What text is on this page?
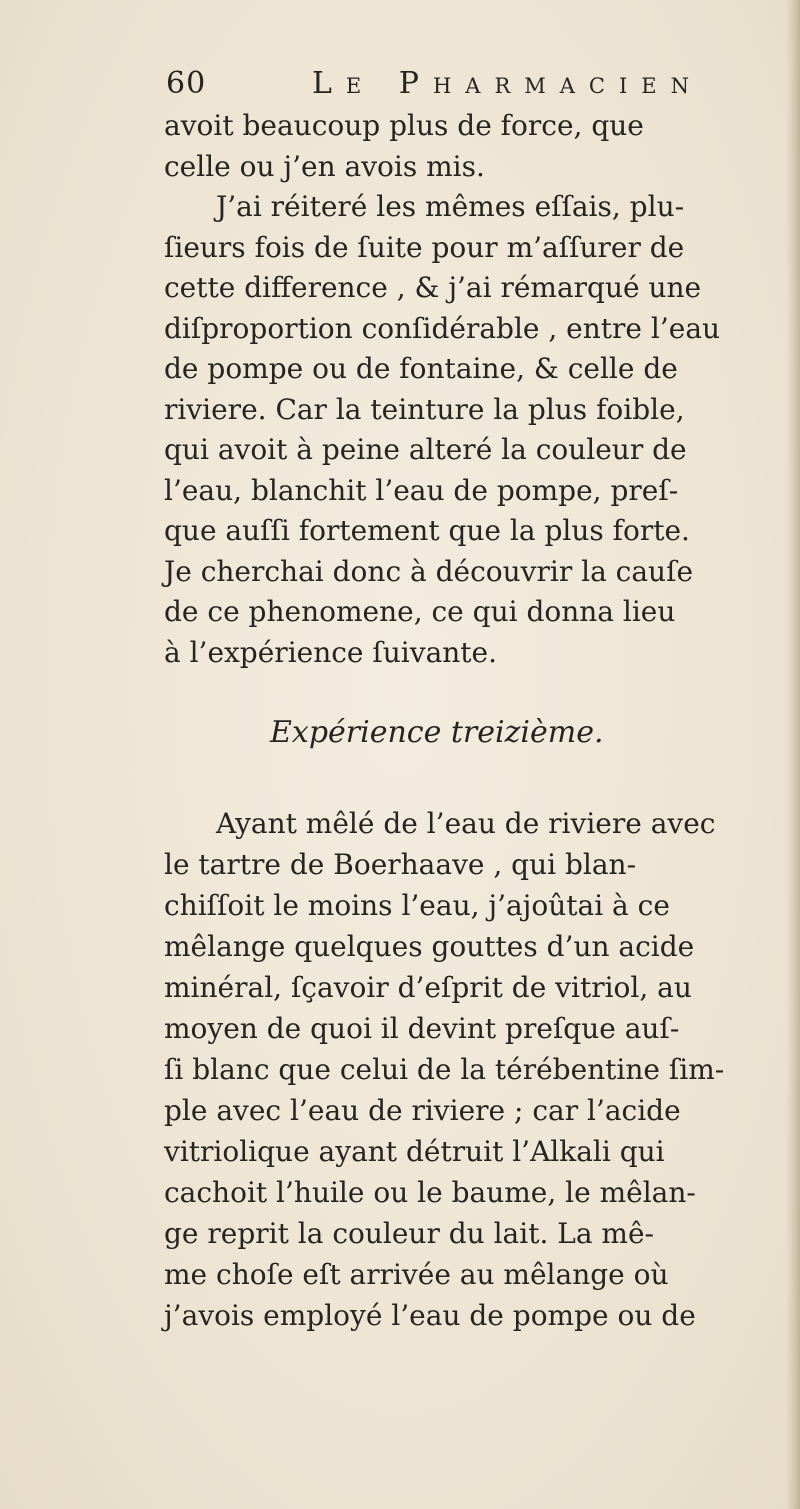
60	Le Pharmacien

avoit beaucoup plus de force, que
celle ou j’en avois mis.
J’ai réiteré les mêmes eſſais, plu-
ſieurs fois de ſuite pour m’aſſurer de
cette difference , & j’ai rémarqué une
diſproportion conſidérable , entre l’eau
de pompe ou de fontaine, & celle de
riviere. Car la teinture la plus foible,
qui avoit à peine alteré la couleur de
l’eau, blanchit l’eau de pompe, preſ-
que auſſi fortement que la plus forte.
Je cherchai donc à découvrir la cauſe
de ce phenomene, ce qui donna lieu
à l’expérience ſuivante.

Expérience treizième.

Ayant mêlé de l’eau de riviere avec
le tartre de Boerhaave , qui blan-
chiſſoit le moins l’eau, j’ajoûtai à ce
mêlange quelques gouttes d’un acide
minéral, ſçavoir d’eſprit de vitriol, au
moyen de quoi il devint preſque auſ-
ſi blanc que celui de la térébentine ſim-
ple avec l’eau de riviere ; car l’acide
vitriolique ayant détruit l’Alkali qui
cachoit l’huile ou le baume, le mêlan-
ge reprit la couleur du lait. La mê-
me choſe eſt arrivée au mêlange où
j’avois employé l’eau de pompe ou de
